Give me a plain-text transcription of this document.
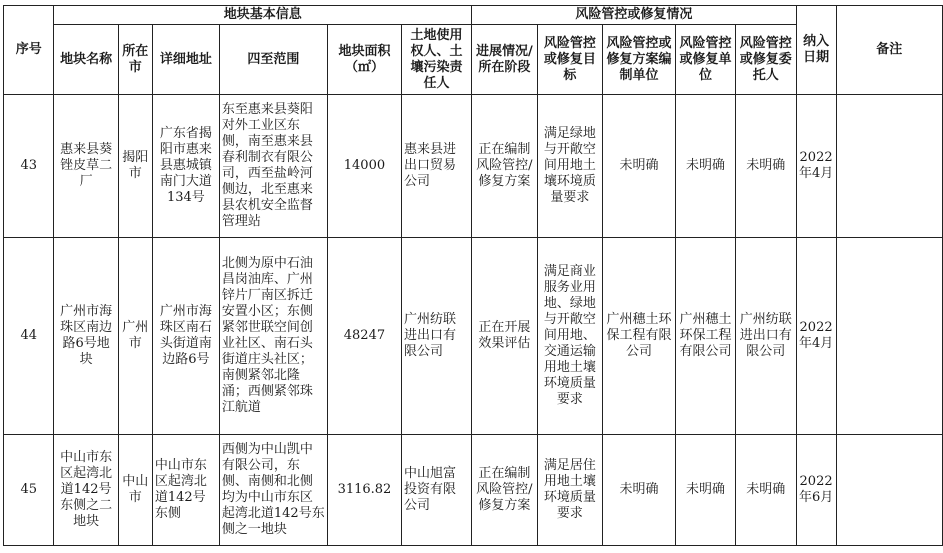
序号	地块基本信息						风险管控或修复情况					纳入日期	备注
	地块名称	所在市	详细地址	四至范围	地块面积（㎡）	土地使用权人、土壤污染责任人	进展情况/所在阶段	风险管控或修复目标	风险管控或修复方案编制单位	风险管控或修复单位	风险管控或修复委托人		
43	惠来县葵锉皮草二厂	揭阳市	广东省揭阳市惠来县惠城镇南门大道134号	东至惠来县葵阳对外工业区东侧，南至惠来县春利制衣有限公司，西至盐岭河侧边，北至惠来县农机安全监督管理站	14000	惠来县进出口贸易公司	正在编制风险管控/修复方案	满足绿地与开敞空间用地土壤环境质量要求	未明确	未明确	未明确	2022年4月	
44	广州市海珠区南边路6号地块	广州市	广州市海珠区南石头街道南边路6号	北侧为原中石油昌岗油库、广州锌片厂南区拆迁安置小区；东侧紧邻世联空间创业社区、南石头街道庄头社区；南侧紧邻北隆涌；西侧紧邻珠江航道	48247	广州纺联进出口有限公司	正在开展效果评估	满足商业服务业用地、绿地与开敞空间用地、交通运输用地土壤环境质量要求	广州穗土环保工程有限公司	广州穗土环保工程有限公司	广州纺联进出口有限公司	2022年4月	
45	中山市东区起湾北道142号东侧之二地块	中山市	中山市东区起湾北道142号东侧	西侧为中山凯中有限公司，东侧、南侧和北侧均为中山市东区起湾北道142号东侧之一地块	3116.82	中山旭富投资有限公司	正在编制风险管控/修复方案	满足居住用地土壤环境质量要求	未明确	未明确	未明确	2022年6月	
